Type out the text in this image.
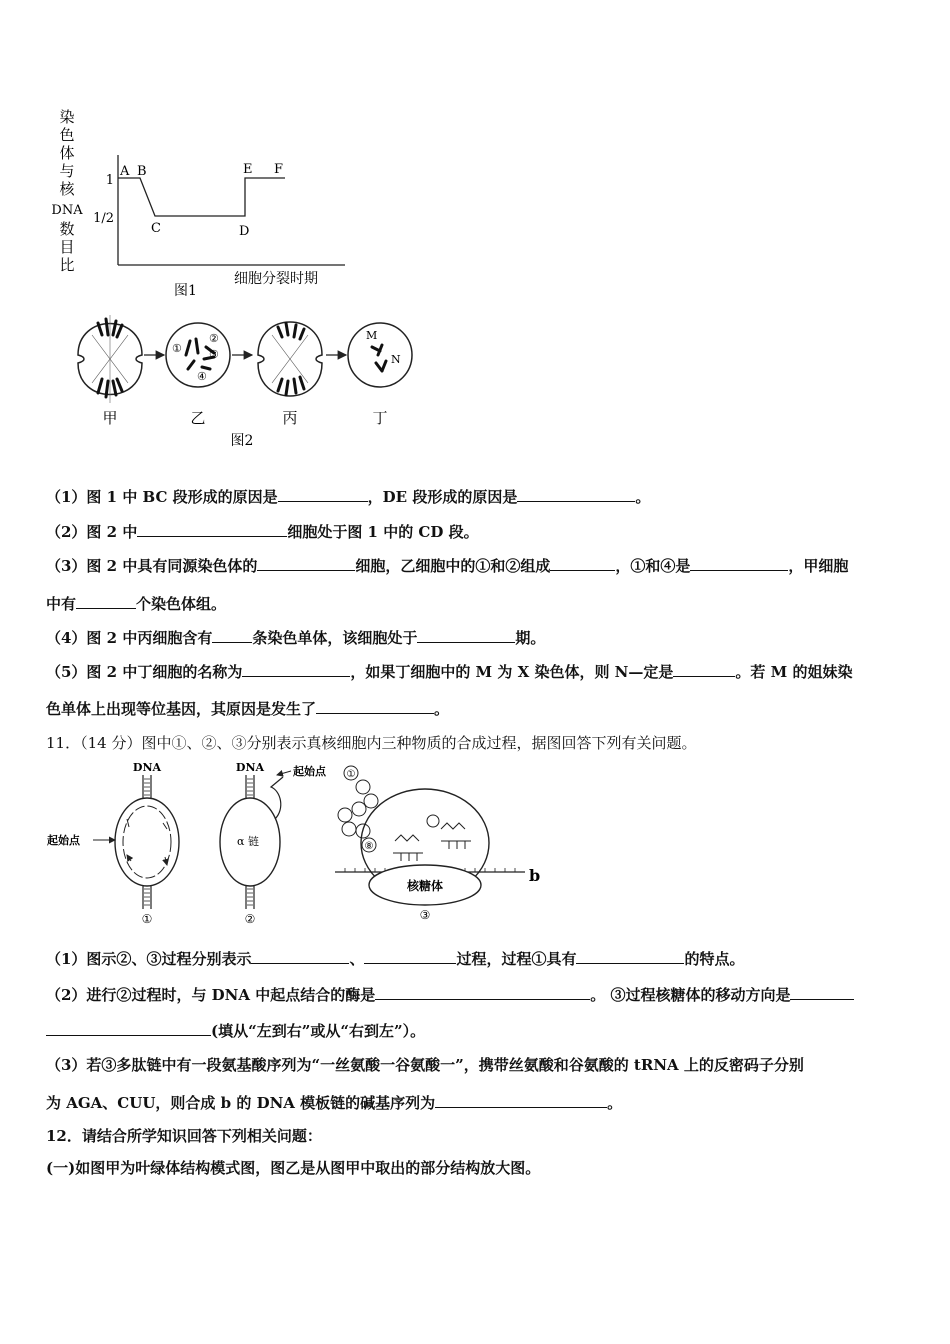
染
色
体
与
核
DNA
数
目
比
1
1/2
A B
C	D
E F
细胞分裂时期
图1
①
②
③
④
M
N
甲	乙	丙	丁
图2
（1）图 1 中 BC 段形成的原因是	，DE 段形成的原因是	。
（2）图 2 中	细胞处于图 1 中的 CD 段。
（3）图 2 中具有同源染色体的	细胞，乙细胞中的①和②组成	，①和④是	，甲细胞
中有	个染色体组。
（4）图 2 中丙细胞含有	条染色单体，该细胞处于	期。
（5）图 2 中丁细胞的名称为	，如果丁细胞中的 M 为 X 染色体，则 N—定是	。若 M 的姐妹染
色单体上出现等位基因，其原因是发生了	。
11．（14 分）图中①、②、③分别表示真核细胞内三种物质的合成过程，据图回答下列有关问题。
DNA
起始点
①
DNA
α 链
起始点
②
①
⑧
核糖体
b
③
（1）图示②、③过程分别表示	、	过程，过程①具有	的特点。
（2）进行②过程时，与 DNA 中起点结合的酶是	。 ③过程核糖体的移动方向是
(填从“左到右”或从“右到左”）。
（3）若③多肽链中有一段氨基酸序列为“一丝氨酸一谷氨酸一”，携带丝氨酸和谷氨酸的 tRNA 上的反密码子分别
为 AGA、CUU，则合成 b 的 DNA 模板链的碱基序列为	。
12．请结合所学知识回答下列相关问题：
(一)如图甲为叶绿体结构模式图，图乙是从图甲中取出的部分结构放大图。
